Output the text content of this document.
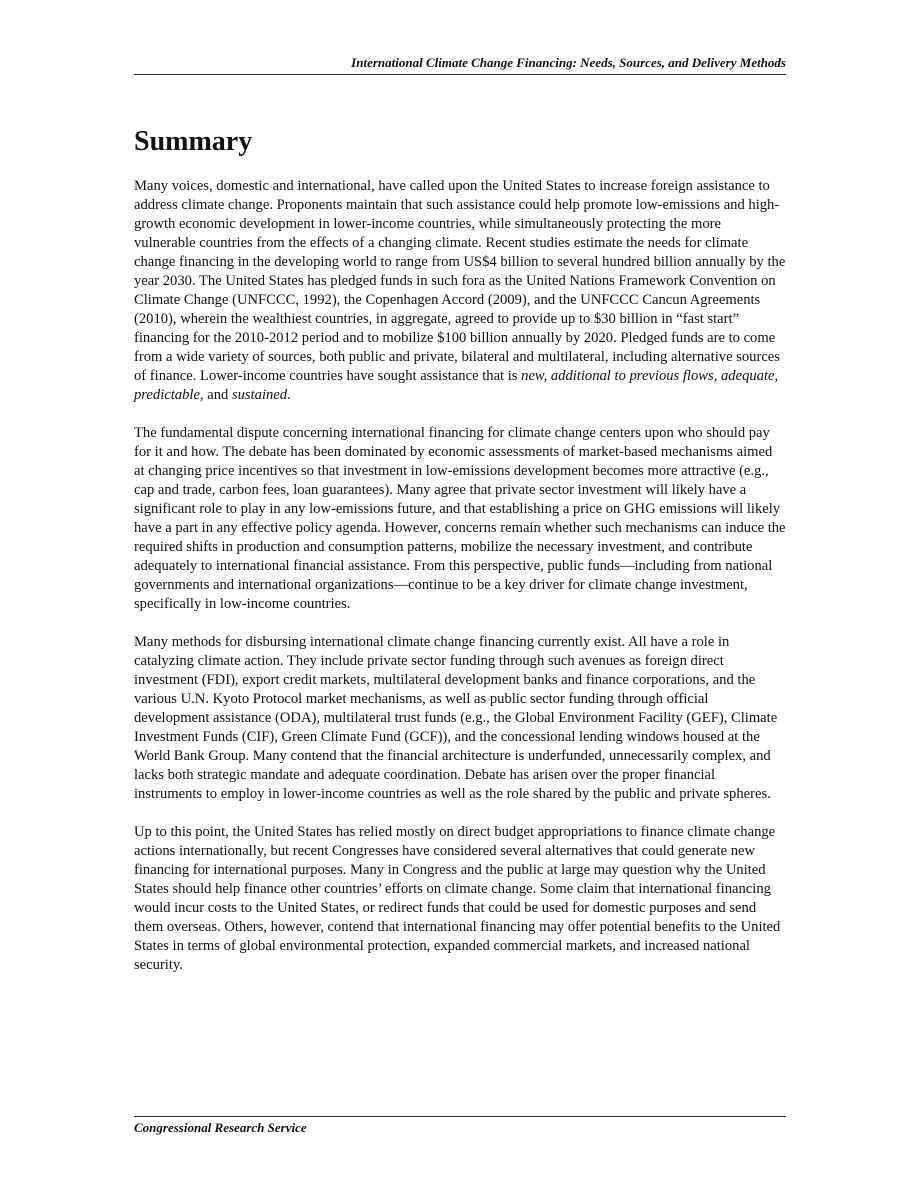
International Climate Change Financing: Needs, Sources, and Delivery Methods
Summary

Many voices, domestic and international, have called upon the United States to increase foreign assistance to address climate change. Proponents maintain that such assistance could help promote low-emissions and high-growth economic development in lower-income countries, while simultaneously protecting the more vulnerable countries from the effects of a changing climate. Recent studies estimate the needs for climate change financing in the developing world to range from US$4 billion to several hundred billion annually by the year 2030. The United States has pledged funds in such fora as the United Nations Framework Convention on Climate Change (UNFCCC, 1992), the Copenhagen Accord (2009), and the UNFCCC Cancun Agreements (2010), wherein the wealthiest countries, in aggregate, agreed to provide up to $30 billion in “fast start” financing for the 2010-2012 period and to mobilize $100 billion annually by 2020. Pledged funds are to come from a wide variety of sources, both public and private, bilateral and multilateral, including alternative sources of finance. Lower-income countries have sought assistance that is new, additional to previous flows, adequate, predictable, and sustained.

The fundamental dispute concerning international financing for climate change centers upon who should pay for it and how. The debate has been dominated by economic assessments of market-based mechanisms aimed at changing price incentives so that investment in low-emissions development becomes more attractive (e.g., cap and trade, carbon fees, loan guarantees). Many agree that private sector investment will likely have a significant role to play in any low-emissions future, and that establishing a price on GHG emissions will likely have a part in any effective policy agenda. However, concerns remain whether such mechanisms can induce the required shifts in production and consumption patterns, mobilize the necessary investment, and contribute adequately to international financial assistance. From this perspective, public funds—including from national governments and international organizations—continue to be a key driver for climate change investment, specifically in low-income countries.

Many methods for disbursing international climate change financing currently exist. All have a role in catalyzing climate action. They include private sector funding through such avenues as foreign direct investment (FDI), export credit markets, multilateral development banks and finance corporations, and the various U.N. Kyoto Protocol market mechanisms, as well as public sector funding through official development assistance (ODA), multilateral trust funds (e.g., the Global Environment Facility (GEF), Climate Investment Funds (CIF), Green Climate Fund (GCF)), and the concessional lending windows housed at the World Bank Group. Many contend that the financial architecture is underfunded, unnecessarily complex, and lacks both strategic mandate and adequate coordination. Debate has arisen over the proper financial instruments to employ in lower-income countries as well as the role shared by the public and private spheres.

Up to this point, the United States has relied mostly on direct budget appropriations to finance climate change actions internationally, but recent Congresses have considered several alternatives that could generate new financing for international purposes. Many in Congress and the public at large may question why the United States should help finance other countries’ efforts on climate change. Some claim that international financing would incur costs to the United States, or redirect funds that could be used for domestic purposes and send them overseas. Others, however, contend that international financing may offer potential benefits to the United States in terms of global environmental protection, expanded commercial markets, and increased national security.

Congressional Research Service
